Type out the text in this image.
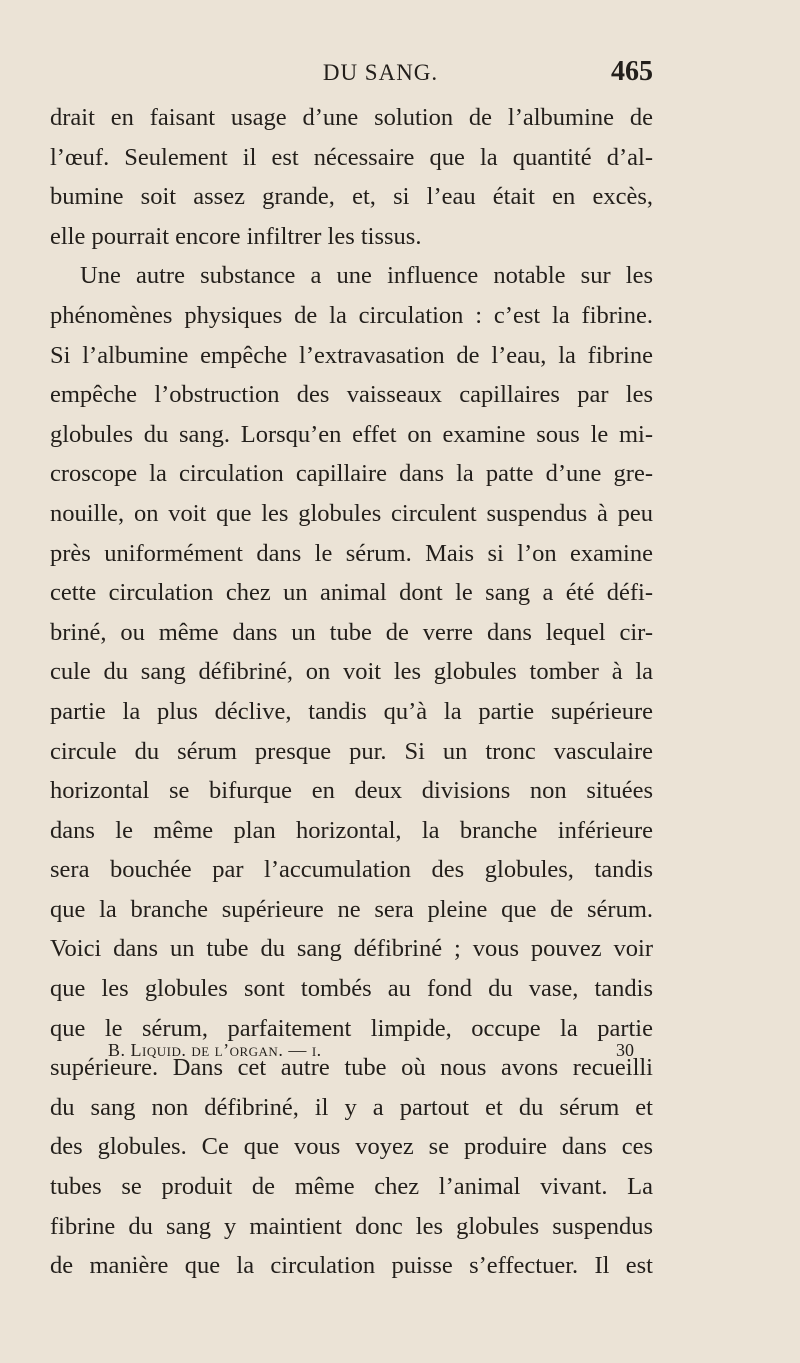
DU SANG.	465
drait en faisant usage d’une solution de l’albumine de
l’œuf. Seulement il est nécessaire que la quantité d’al-
bumine soit assez grande, et, si l’eau était en excès,
elle pourrait encore infiltrer les tissus.
Une autre substance a une influence notable sur les
phénomènes physiques de la circulation : c’est la fibrine.
Si l’albumine empêche l’extravasation de l’eau, la fibrine
empêche l’obstruction des vaisseaux capillaires par les
globules du sang. Lorsqu’en effet on examine sous le mi-
croscope la circulation capillaire dans la patte d’une gre-
nouille, on voit que les globules circulent suspendus à peu
près uniformément dans le sérum. Mais si l’on examine
cette circulation chez un animal dont le sang a été défi-
briné, ou même dans un tube de verre dans lequel cir-
cule du sang défibriné, on voit les globules tomber à la
partie la plus déclive, tandis qu’à la partie supérieure
circule du sérum presque pur. Si un tronc vasculaire
horizontal se bifurque en deux divisions non situées
dans le même plan horizontal, la branche inférieure
sera bouchée par l’accumulation des globules, tandis
que la branche supérieure ne sera pleine que de sérum.
Voici dans un tube du sang défibriné ; vous pouvez voir
que les globules sont tombés au fond du vase, tandis
que le sérum, parfaitement limpide, occupe la partie
supérieure. Dans cet autre tube où nous avons recueilli
du sang non défibriné, il y a partout et du sérum et
des globules. Ce que vous voyez se produire dans ces
tubes se produit de même chez l’animal vivant. La
fibrine du sang y maintient donc les globules suspendus
de manière que la circulation puisse s’effectuer. Il est
B. Liquid. de l’organ. — i.	30
